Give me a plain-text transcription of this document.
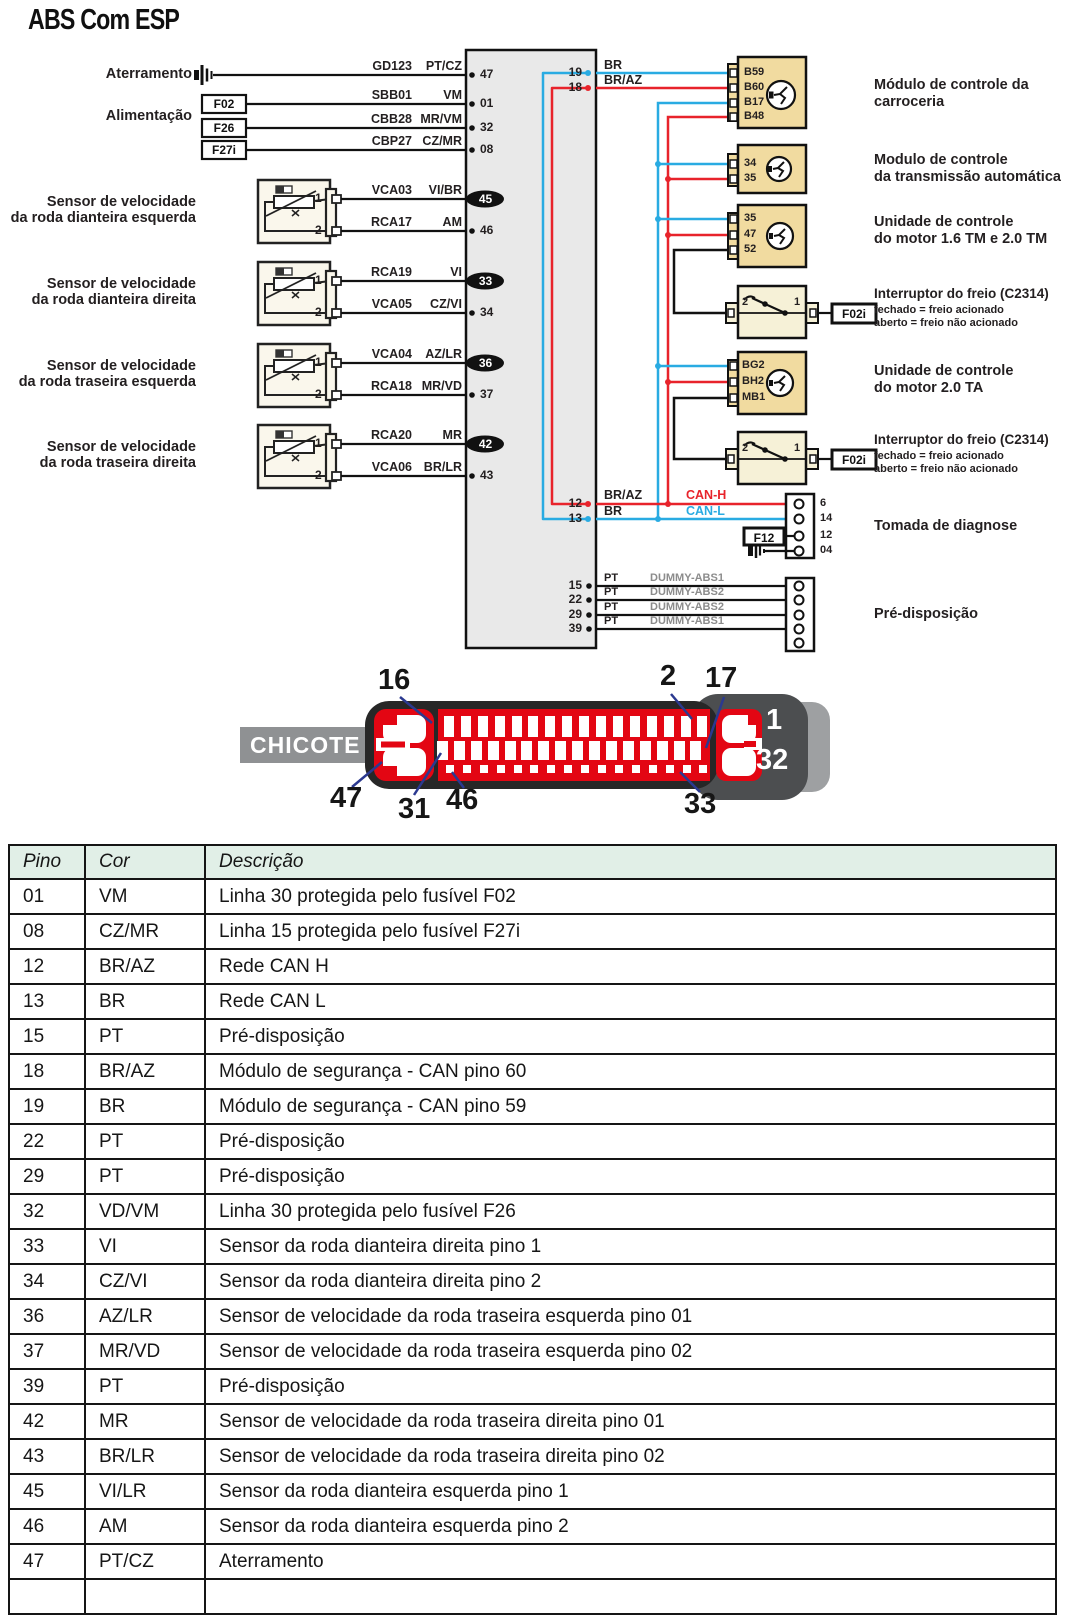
ABS Com ESP
Aterramento
Alimentação
F02
F26
F27i
GD123	PT/CZ
SBB01	VM
CBB28 MR/VM
CBP27 CZ/MR
VCA03	VI/BR
RCA17	AM
RCA19	VI
VCA05	CZ/VI
VCA04	AZ/LR
RCA18 MR/VD
RCA20	MR
VCA06 BR/LR
47
01
32
08
45
46
33
34
36
37
42
43
Sensor de velocidade
da roda dianteira esquerda
Sensor de velocidade
da roda dianteira direita
Sensor de velocidade
da roda traseira esquerda
Sensor de velocidade
da roda traseira direita
1
2
1
2
1
2
1
2
19
18
12
13
15
22
29
39
BR
BR/AZ
BR/AZ
BR
CAN-H
CAN-L
PT	DUMMY-ABS1
PT	DUMMY-ABS2
PT	DUMMY-ABS2
PT	DUMMY-ABS1
B59
B60
B17
B48
34
35
35
47
52
BG2
BH2
MB1
Módulo de controle da
carroceria
Modulo de controle
da transmissão automática
Unidade de controle
do motor 1.6 TM e 2.0 TM
Unidade de controle
do motor 2.0 TA
2	1
F02i
Interruptor do freio (C2314)
fechado = freio acionado
aberto = freio não acionado
2	1
F02i
Interruptor do freio (C2314)
fechado = freio acionado
aberto = freio não acionado
6
14
12
04
F12
Tomada de diagnose
Pré-disposição
CHICOTE
16	2 17
1
32
47 31 46	33
Pino	Cor	Descrição
01	VM	Linha 30 protegida pelo fusível F02
08	CZ/MR	Linha 15 protegida pelo fusível F27i
12	BR/AZ	Rede CAN H
13	BR	Rede CAN L
15	PT	Pré-disposição
18	BR/AZ	Módulo de segurança - CAN pino 60
19	BR	Módulo de segurança - CAN pino 59
22	PT	Pré-disposição
29	PT	Pré-disposição
32	VD/VM	Linha 30 protegida pelo fusível F26
33	VI	Sensor da roda dianteira direita pino 1
34	CZ/VI	Sensor da roda dianteira direita pino 2
36	AZ/LR	Sensor de velocidade da roda traseira esquerda pino 01
37	MR/VD	Sensor de velocidade da roda traseira esquerda pino 02
39	PT	Pré-disposição
42	MR	Sensor de velocidade da roda traseira direita pino 01
43	BR/LR	Sensor de velocidade da roda traseira direita pino 02
45	VI/LR	Sensor da roda dianteira esquerda pino 1
46	AM	Sensor da roda dianteira esquerda pino 2
47	PT/CZ	Aterramento
